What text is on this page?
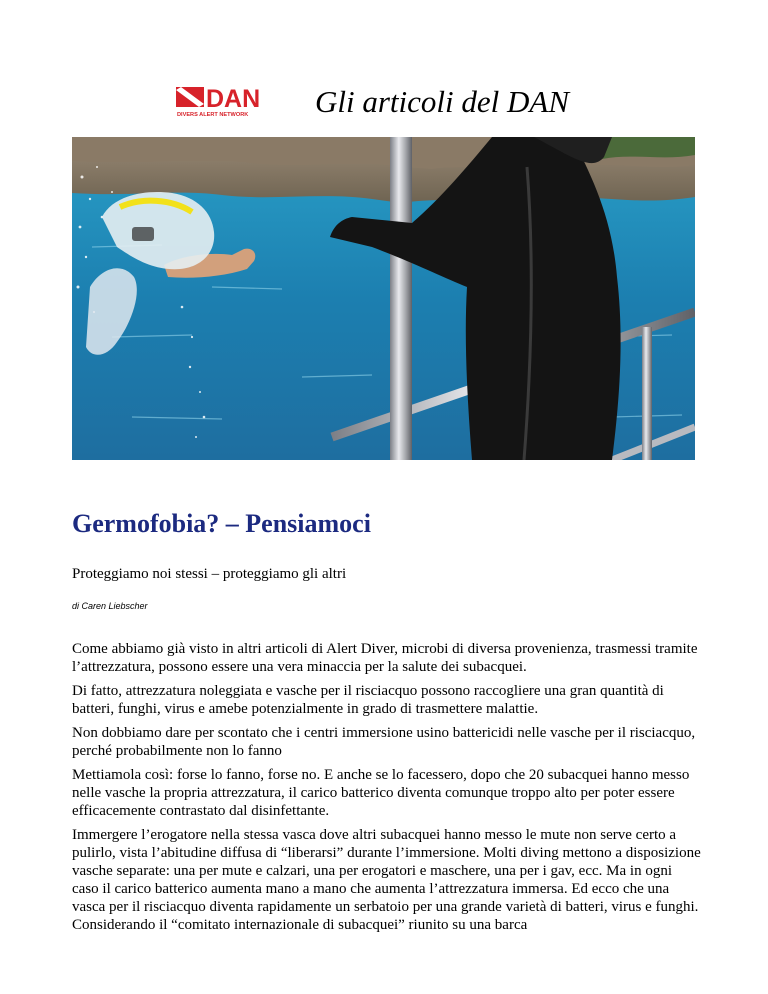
DAN
DIVERS ALERT NETWORK Gli articoli del DAN
Germofobia? – Pensiamoci

Proteggiamo noi stessi – proteggiamo gli altri

di Caren Liebscher

Come abbiamo già visto in altri articoli di Alert Diver, microbi di diversa provenienza, trasmessi tramite l’attrezzatura, possono essere una vera minaccia per la salute dei subacquei.

Di fatto, attrezzatura noleggiata e vasche per il risciacquo possono raccogliere una gran quantità di batteri, funghi, virus e amebe potenzialmente in grado di trasmettere malattie.

Non dobbiamo dare per scontato che i centri immersione usino battericidi nelle vasche per il risciacquo, perché probabilmente non lo fanno

Mettiamola così: forse lo fanno, forse no. E anche se lo facessero, dopo che 20 subacquei hanno messo nelle vasche la propria attrezzatura, il carico batterico diventa comunque troppo alto per poter essere efficacemente contrastato dal disinfettante.

Immergere l’erogatore nella stessa vasca dove altri subacquei hanno messo le mute non serve certo a pulirlo, vista l’abitudine diffusa di “liberarsi” durante l’immersione. Molti diving mettono a disposizione vasche separate: una per mute e calzari, una per erogatori e maschere, una per i gav, ecc. Ma in ogni caso il carico batterico aumenta mano a mano che aumenta l’attrezzatura immersa. Ed ecco che una vasca per il risciacquo diventa rapidamente un serbatoio per una grande varietà di batteri, virus e funghi. Considerando il “comitato internazionale di subacquei” riunito su una barca
